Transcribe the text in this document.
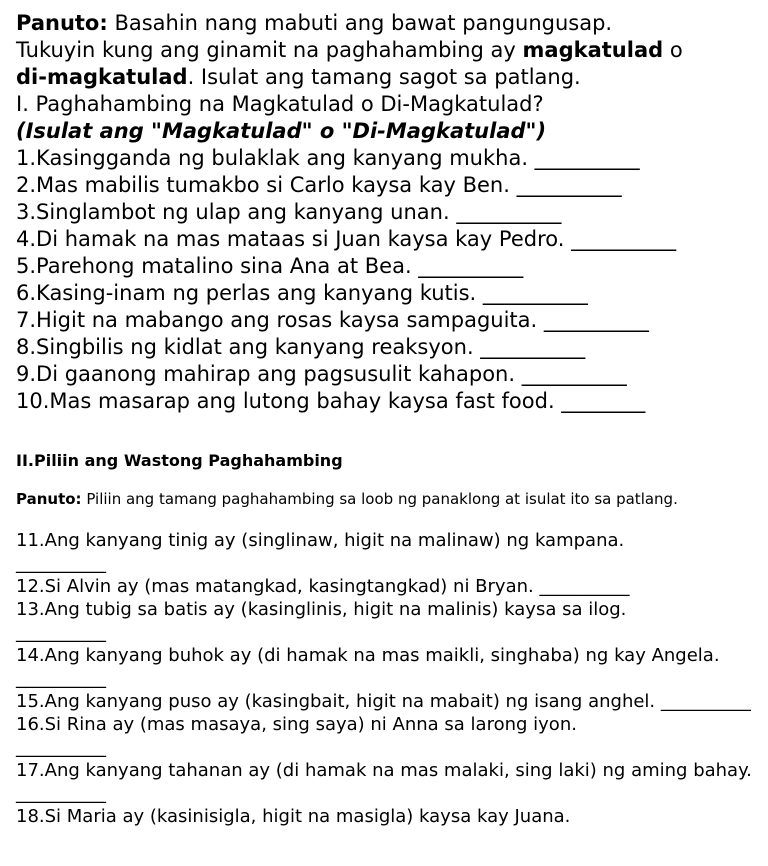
Panuto: Basahin nang mabuti ang bawat pangungusap.

Tukuyin kung ang ginamit na paghahambing ay magkatulad o

di-magkatulad. Isulat ang tamang sagot sa patlang.

I. Paghahambing na Magkatulad o Di-Magkatulad?

(Isulat ang "Magkatulad" o "Di-Magkatulad")

1.Kasingganda ng bulaklak ang kanyang mukha. __________

2.Mas mabilis tumakbo si Carlo kaysa kay Ben. __________

3.Singlambot ng ulap ang kanyang unan. __________

4.Di hamak na mas mataas si Juan kaysa kay Pedro. __________

5.Parehong matalino sina Ana at Bea. __________

6.Kasing-inam ng perlas ang kanyang kutis. __________

7.Higit na mabango ang rosas kaysa sampaguita. __________

8.Singbilis ng kidlat ang kanyang reaksyon. __________

9.Di gaanong mahirap ang pagsusulit kahapon. __________

10.Mas masarap ang lutong bahay kaysa fast food. ________

II.Piliin ang Wastong Paghahambing

Panuto: Piliin ang tamang paghahambing sa loob ng panaklong at isulat ito sa patlang.

11.Ang kanyang tinig ay (singlinaw, higit na malinaw) ng kampana.

__________

12.Si Alvin ay (mas matangkad, kasingtangkad) ni Bryan. __________

13.Ang tubig sa batis ay (kasinglinis, higit na malinis) kaysa sa ilog.

__________

14.Ang kanyang buhok ay (di hamak na mas maikli, singhaba) ng kay Angela. __________

15.Ang kanyang puso ay (kasingbait, higit na mabait) ng isang anghel. __________

16.Si Rina ay (mas masaya, sing saya) ni Anna sa larong iyon.

__________

17.Ang kanyang tahanan ay (di hamak na mas malaki, sing laki) ng aming bahay. __________

18.Si Maria ay (kasinisigla, higit na masigla) kaysa kay Juana.
